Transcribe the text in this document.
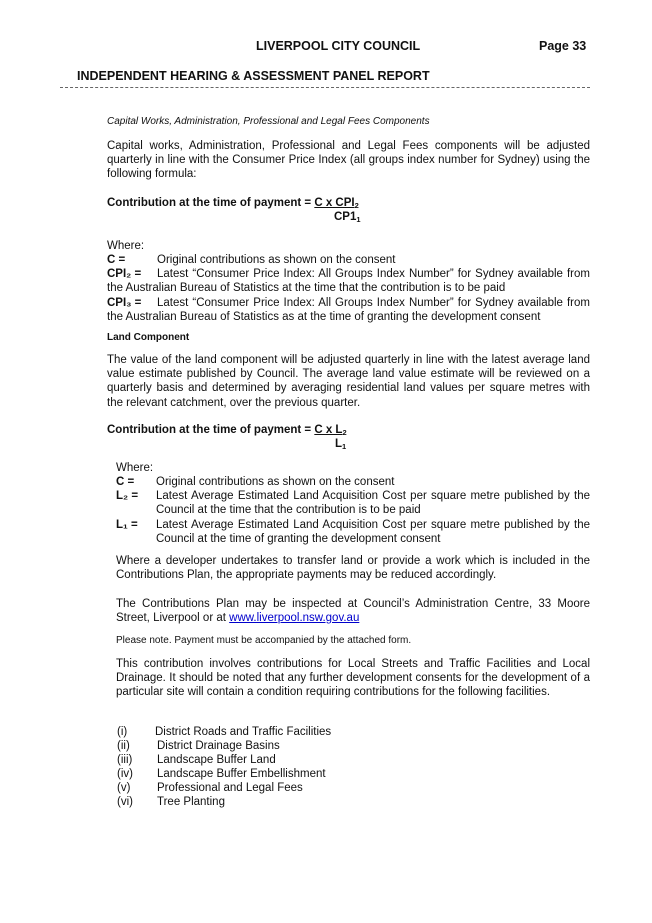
LIVERPOOL CITY COUNCIL	Page 33
INDEPENDENT HEARING & ASSESSMENT PANEL REPORT
Capital Works, Administration, Professional and Legal Fees Components
Capital works, Administration, Professional and Legal Fees components will be adjusted quarterly in line with the Consumer Price Index (all groups index number for Sydney) using the following formula:
Contribution at the time of payment = C x $CPI_2$
$CP1_1$
Where:
C =	Original contributions as shown on the consent
CPI₂ = Latest “Consumer Price Index: All Groups Index Number” for Sydney available from the Australian Bureau of Statistics at the time that the contribution is to be paid
CPI₃ = Latest “Consumer Price Index: All Groups Index Number” for Sydney available from the Australian Bureau of Statistics as at the time of granting the development consent
Land Component
The value of the land component will be adjusted quarterly in line with the latest average land value estimate published by Council. The average land value estimate will be reviewed on a quarterly basis and determined by averaging residential land values per square metres with the relevant catchment, over the previous quarter.
Contribution at the time of payment = C x $L_2$
$L_1$
Where:
C =	Original contributions as shown on the consent
L₂ =	Latest Average Estimated Land Acquisition Cost per square metre published by the Council at the time that the contribution is to be paid
L₁ =	Latest Average Estimated Land Acquisition Cost per square metre published by the Council at the time of granting the development consent
Where a developer undertakes to transfer land or provide a work which is included in the Contributions Plan, the appropriate payments may be reduced accordingly.
The Contributions Plan may be inspected at Council’s Administration Centre, 33 Moore Street, Liverpool or at www.liverpool.nsw.gov.au
Please note. Payment must be accompanied by the attached form.
This contribution involves contributions for Local Streets and Traffic Facilities and Local Drainage. It should be noted that any further development consents for the development of a particular site will contain a condition requiring contributions for the following facilities.
(i) District Roads and Traffic Facilities
(ii) District Drainage Basins
(iii) Landscape Buffer Land
(iv) Landscape Buffer Embellishment
(v) Professional and Legal Fees
(vi) Tree Planting
